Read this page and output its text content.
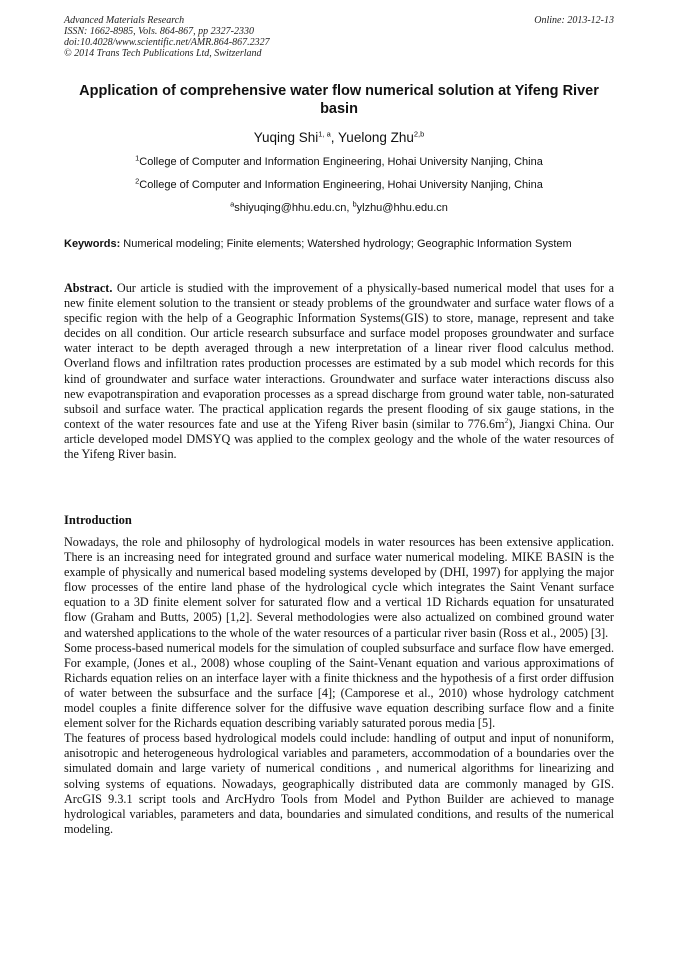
Advanced Materials Research
ISSN: 1662-8985, Vols. 864-867, pp 2327-2330
doi:10.4028/www.scientific.net/AMR.864-867.2327
© 2014 Trans Tech Publications Ltd, Switzerland
Online: 2013-12-13
Application of comprehensive water flow numerical solution at Yifeng River basin
Yuqing Shi$^{1, a}$, Yuelong Zhu$^{2,b}$
$^1$College of Computer and Information Engineering, Hohai University Nanjing, China
$^2$College of Computer and Information Engineering, Hohai University Nanjing, China
$^a$shiyuqing@hhu.edu.cn, $^b$ylzhu@hhu.edu.cn
Keywords: Numerical modeling; Finite elements; Watershed hydrology; Geographic Information System
Abstract. Our article is studied with the improvement of a physically-based numerical model that uses for a new finite element solution to the transient or steady problems of the groundwater and surface water flows of a specific region with the help of a Geographic Information Systems(GIS) to store, manage, represent and take decides on all condition. Our article research subsurface and surface model proposes groundwater and surface water interact to be depth averaged through a new interpretation of a linear river flood calculus method. Overland flows and infiltration rates production processes are estimated by a sub model which records for this kind of groundwater and surface water interactions. Groundwater and surface water interactions discuss also new evapotranspiration and evaporation processes as a spread discharge from ground water table, non-saturated subsoil and surface water. The practical application regards the present flooding of six gauge stations, in the context of the water resources fate and use at the Yifeng River basin (similar to $776.6m^2$), Jiangxi China. Our article developed model DMSYQ was applied to the complex geology and the whole of the water resources of the Yifeng River basin.
Introduction

Nowadays, the role and philosophy of hydrological models in water resources has been extensive application. There is an increasing need for integrated ground and surface water numerical modeling. MIKE BASIN is the example of physically and numerical based modeling systems developed by (DHI, 1997) for applying the major flow processes of the entire land phase of the hydrological cycle which integrates the Saint Venant surface equation to a 3D finite element solver for saturated flow and a vertical 1D Richards equation for unsaturated flow (Graham and Butts, 2005) [1,2]. Several methodologies were also actualized on combined ground water and watershed applications to the whole of the water resources of a particular river basin (Ross et al., 2005) [3].

Some process-based numerical models for the simulation of coupled subsurface and surface flow have emerged. For example, (Jones et al., 2008) whose coupling of the Saint-Venant equation and various approximations of Richards equation relies on an interface layer with a finite thickness and the hypothesis of a first order diffusion of water between the subsurface and the surface [4]; (Camporese et al., 2010) whose hydrology catchment model couples a finite difference solver for the diffusive wave equation describing surface flow and a finite element solver for the Richards equation describing variably saturated porous media [5].

The features of process based hydrological models could include: handling of output and input of nonuniform, anisotropic and heterogeneous hydrological variables and parameters, accommodation of a boundaries over the simulated domain and large variety of numerical conditions , and numerical algorithms for linearizing and solving systems of equations. Nowadays, geographically distributed data are commonly managed by GIS. ArcGIS 9.3.1 script tools and ArcHydro Tools from Model and Python Builder are achieved to manage hydrological variables, parameters and data, boundaries and simulated conditions, and results of the numerical modeling.
